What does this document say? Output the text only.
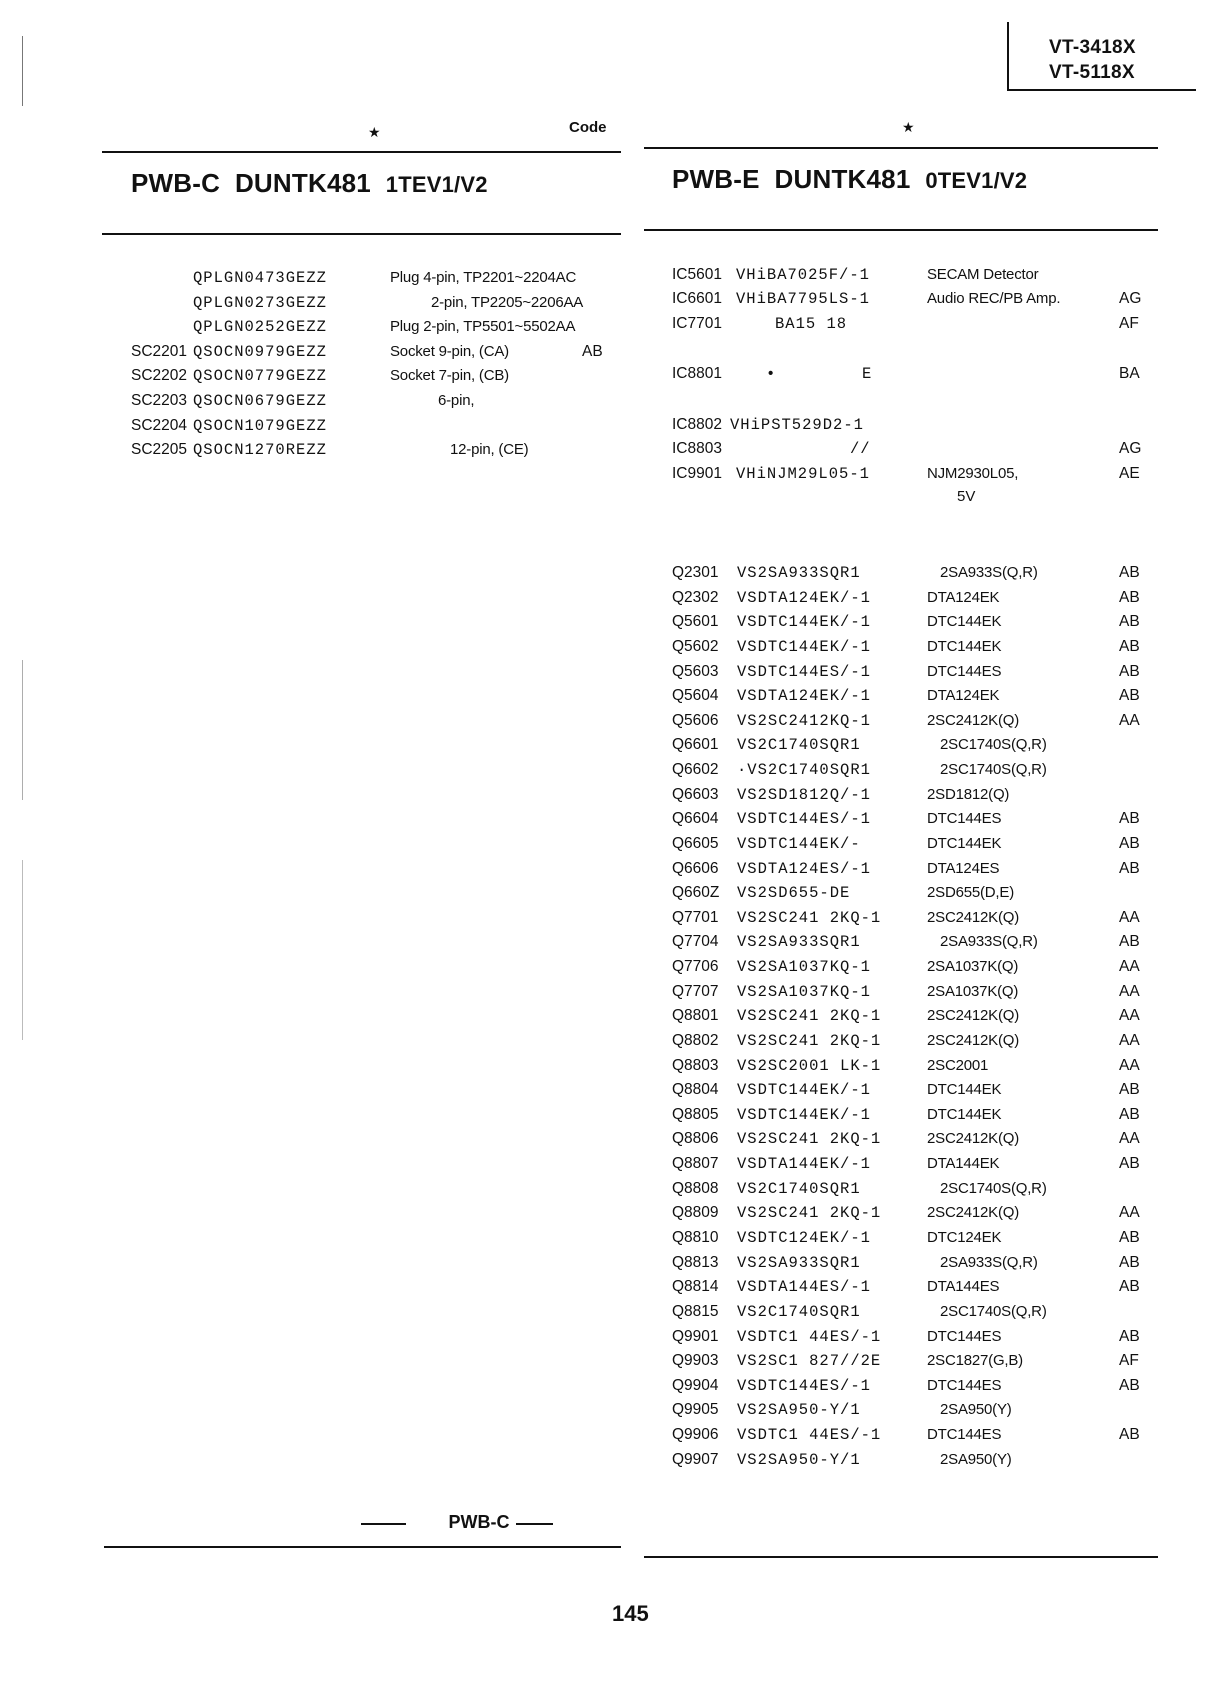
VT-3418X
VT-5118X
★	Code	★
PWB-C DUNTK481 1TEV1/V2	PWB-E DUNTK481 0TEV1/V2
QPLGN0473GEZZ	Plug 4-pin, TP2201~2204AC
QPLGN0273GEZZ	2-pin, TP2205~2206AA
QPLGN0252GEZZ	Plug 2-pin, TP5501~5502AA
SC2201 QSOCN0979GEZZ	Socket 9-pin, (CA)	AB
SC2202 QSOCN0779GEZZ	Socket 7-pin, (CB)
SC2203 QSOCN0679GEZZ	6-pin,
SC2204 QSOCN1079GEZZ
SC2205 QSOCN1270REZZ	12-pin, (CE)
IC5601 VHiBA7025F/-1	SECAM Detector
IC6601 VHiBA7795LS-1	Audio REC/PB Amp.	AG
IC7701	BA15 18	AF
IC8801	•	E	BA
IC8802 VHiPST529D2-1
IC8803	//	AG
IC9901 VHiNJM29L05-1	NJM2930L05,	AE
5V
Q2301 VS2SA933SQR1	2SA933S(Q,R)	AB
Q2302 VSDTA124EK/-1	DTA124EK	AB
Q5601 VSDTC144EK/-1	DTC144EK	AB
Q5602 VSDTC144EK/-1	DTC144EK	AB
Q5603 VSDTC144ES/-1	DTC144ES	AB
Q5604 VSDTA124EK/-1	DTA124EK	AB
Q5606 VS2SC2412KQ-1	2SC2412K(Q)	AA
Q6601 VS2C1740SQR1	2SC1740S(Q,R)
Q6602 ·VS2C1740SQR1	2SC1740S(Q,R)
Q6603 VS2SD1812Q/-1	2SD1812(Q)
Q6604 VSDTC144ES/-1	DTC144ES	AB
Q6605 VSDTC144EK/-	DTC144EK	AB
Q6606 VSDTA124ES/-1	DTA124ES	AB
Q660Z VS2SD655-DE	2SD655(D,E)
Q7701 VS2SC241 2KQ-1	2SC2412K(Q)	AA
Q7704 VS2SA933SQR1	2SA933S(Q,R)	AB
Q7706 VS2SA1037KQ-1	2SA1037K(Q)	AA
Q7707 VS2SA1037KQ-1	2SA1037K(Q)	AA
Q8801 VS2SC241 2KQ-1	2SC2412K(Q)	AA
Q8802 VS2SC241 2KQ-1	2SC2412K(Q)	AA
Q8803 VS2SC2001 LK-1	2SC2001	AA
Q8804 VSDTC144EK/-1	DTC144EK	AB
Q8805 VSDTC144EK/-1	DTC144EK	AB
Q8806 VS2SC241 2KQ-1	2SC2412K(Q)	AA
Q8807 VSDTA144EK/-1	DTA144EK	AB
Q8808 VS2C1740SQR1	2SC1740S(Q,R)
Q8809 VS2SC241 2KQ-1	2SC2412K(Q)	AA
Q8810 VSDTC124EK/-1	DTC124EK	AB
Q8813 VS2SA933SQR1	2SA933S(Q,R)	AB
Q8814 VSDTA144ES/-1	DTA144ES	AB
Q8815 VS2C1740SQR1	2SC1740S(Q,R)
Q9901 VSDTC1 44ES/-1	DTC144ES	AB
Q9903 VS2SC1 827//2E	2SC1827(G,B)	AF
Q9904 VSDTC144ES/-1	DTC144ES	AB
Q9905 VS2SA950-Y/1	2SA950(Y)
Q9906 VSDTC1 44ES/-1	DTC144ES	AB
Q9907 VS2SA950-Y/1	2SA950(Y)
PWB-C
145
